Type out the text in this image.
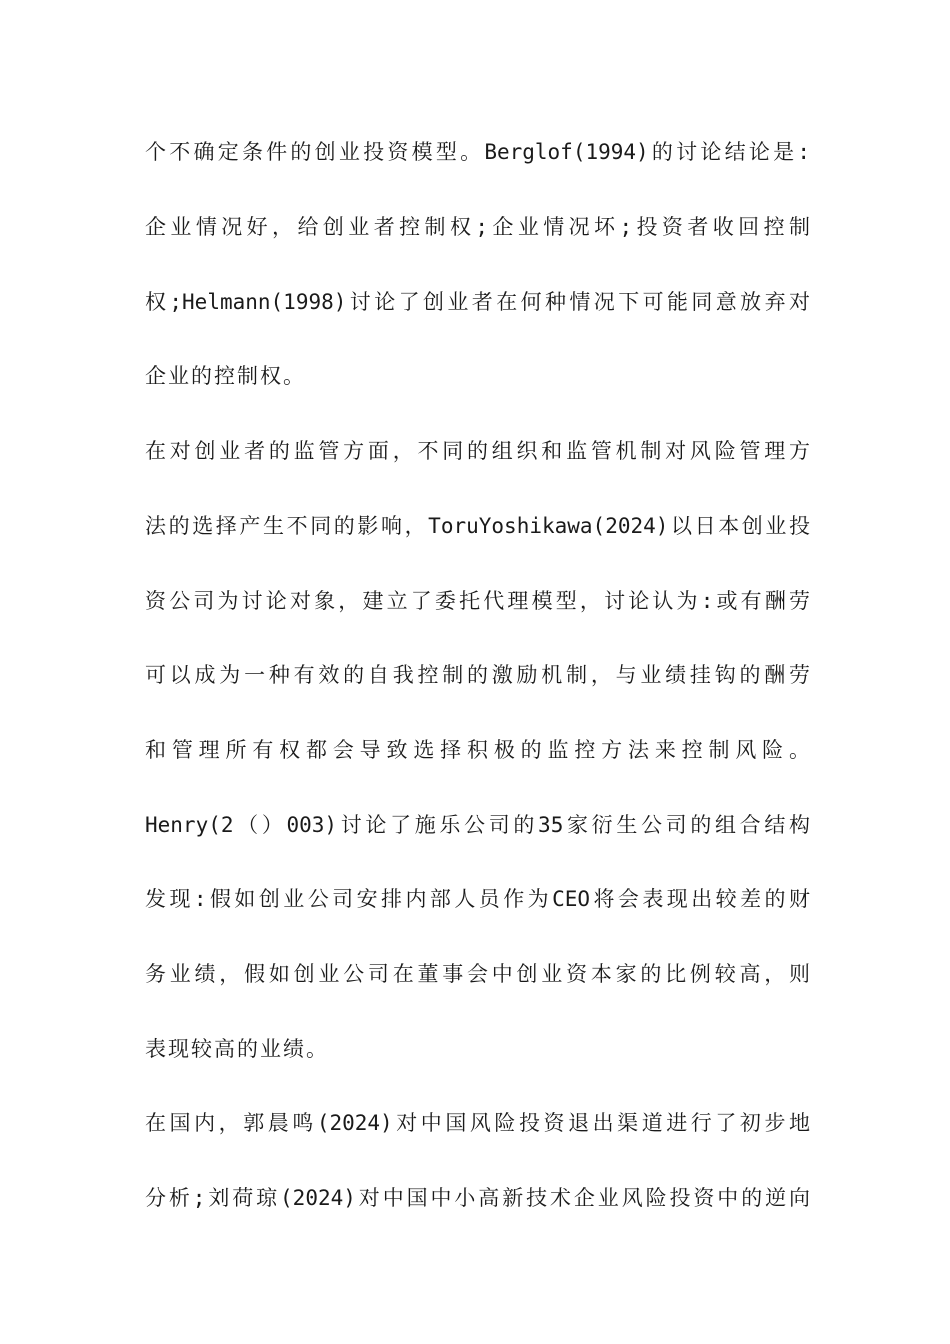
个不确定条件的创业投资模型。Berglof(1994)的讨论结论是:
企业情况好，给创业者控制权;企业情况坏;投资者收回控制
权;Helmann(1998)讨论了创业者在何种情况下可能同意放弃对
企业的控制权。
在对创业者的监管方面，不同的组织和监管机制对风险管理方
法的选择产生不同的影响，ToruYoshikawa(2024)以日本创业投
资公司为讨论对象，建立了委托代理模型，讨论认为:或有酬劳
可以成为一种有效的自我控制的激励机制，与业绩挂钩的酬劳
和管理所有权都会导致选择积极的监控方法来控制风险。
Henry(2（）003)讨论了施乐公司的35家衍生公司的组合结构
发现:假如创业公司安排内部人员作为CEO将会表现出较差的财
务业绩，假如创业公司在董事会中创业资本家的比例较高，则
表现较高的业绩。
在国内，郭晨鸣(2024)对中国风险投资退出渠道进行了初步地
分析;刘荷琼(2024)对中国中小高新技术企业风险投资中的逆向
